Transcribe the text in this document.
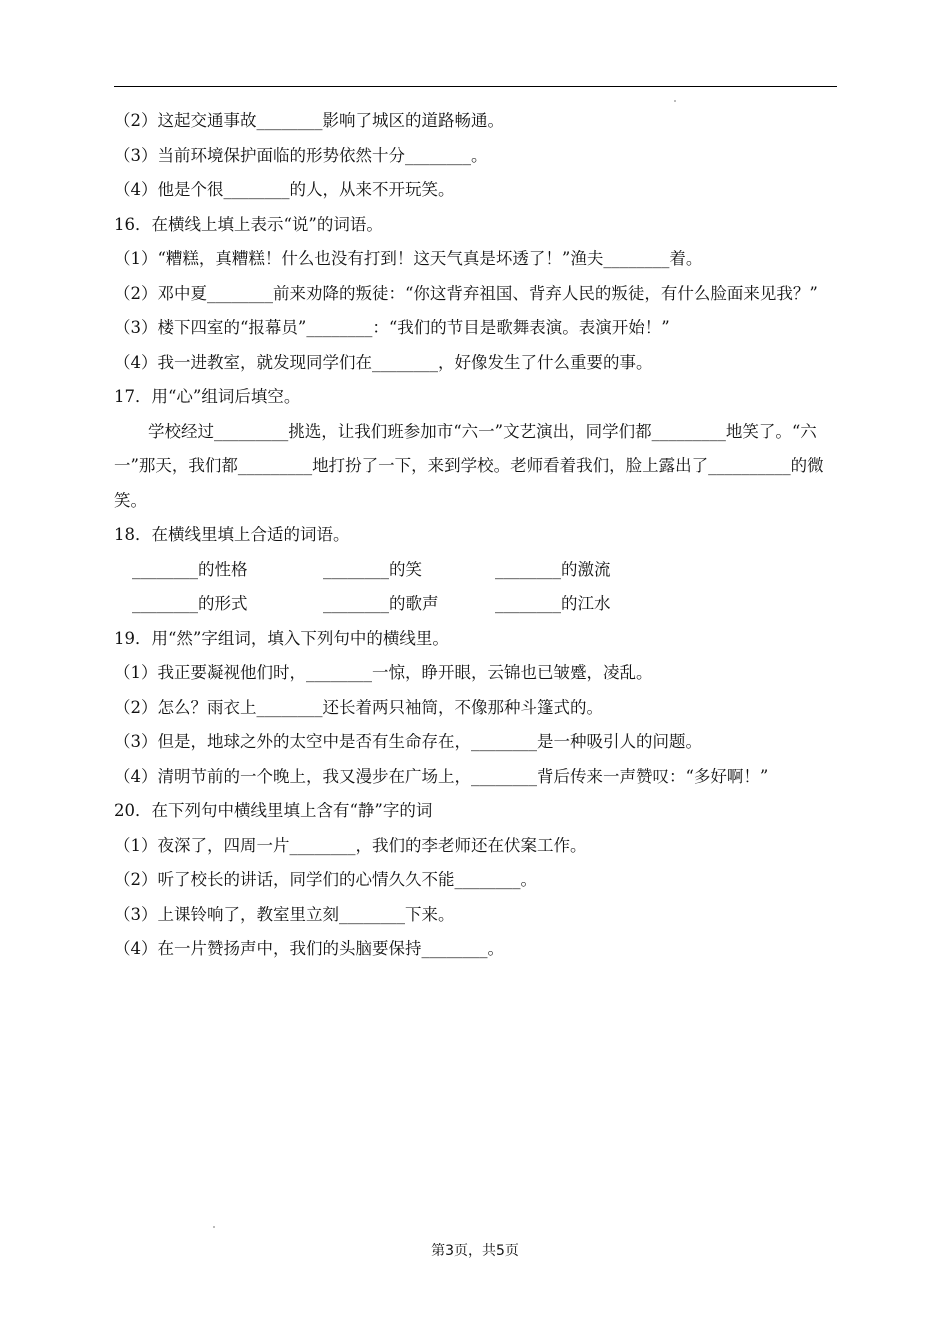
（2）这起交通事故________影响了城区的道路畅通。
（3）当前环境保护面临的形势依然十分________。
（4）他是个很________的人，从来不开玩笑。
16．在横线上填上表示“说”的词语。
（1）“糟糕，真糟糕！什么也没有打到！这天气真是坏透了！”渔夫________着。
（2）邓中夏________前来劝降的叛徒：“你这背弃祖国、背弃人民的叛徒，有什么脸面来见我？”
（3）楼下四室的“报幕员”________：“我们的节目是歌舞表演。表演开始！”
（4）我一进教室，就发现同学们在________，好像发生了什么重要的事。
17．用“心”组词后填空。
学校经过_________挑选，让我们班参加市“六一”文艺演出，同学们都_________地笑了。“六一”那天，我们都_________地打扮了一下，来到学校。老师看着我们，脸上露出了__________的微笑。
18．在横线里填上合适的词语。
________的性格	________的笑	________的激流
________的形式	________的歌声	________的江水
19．用“然”字组词，填入下列句中的横线里。
（1）我正要凝视他们时，________一惊，睁开眼，云锦也已皱蹙，凌乱。
（2）怎么？雨衣上________还长着两只袖筒，不像那种斗篷式的。
（3）但是，地球之外的太空中是否有生命存在，________是一种吸引人的问题。
（4）清明节前的一个晚上，我又漫步在广场上，________背后传来一声赞叹：“多好啊！”
20．在下列句中横线里填上含有“静”字的词
（1）夜深了，四周一片________，我们的李老师还在伏案工作。
（2）听了校长的讲话，同学们的心情久久不能________。
（3）上课铃响了，教室里立刻________下来。
（4）在一片赞扬声中，我们的头脑要保持________。
第3页，共5页
